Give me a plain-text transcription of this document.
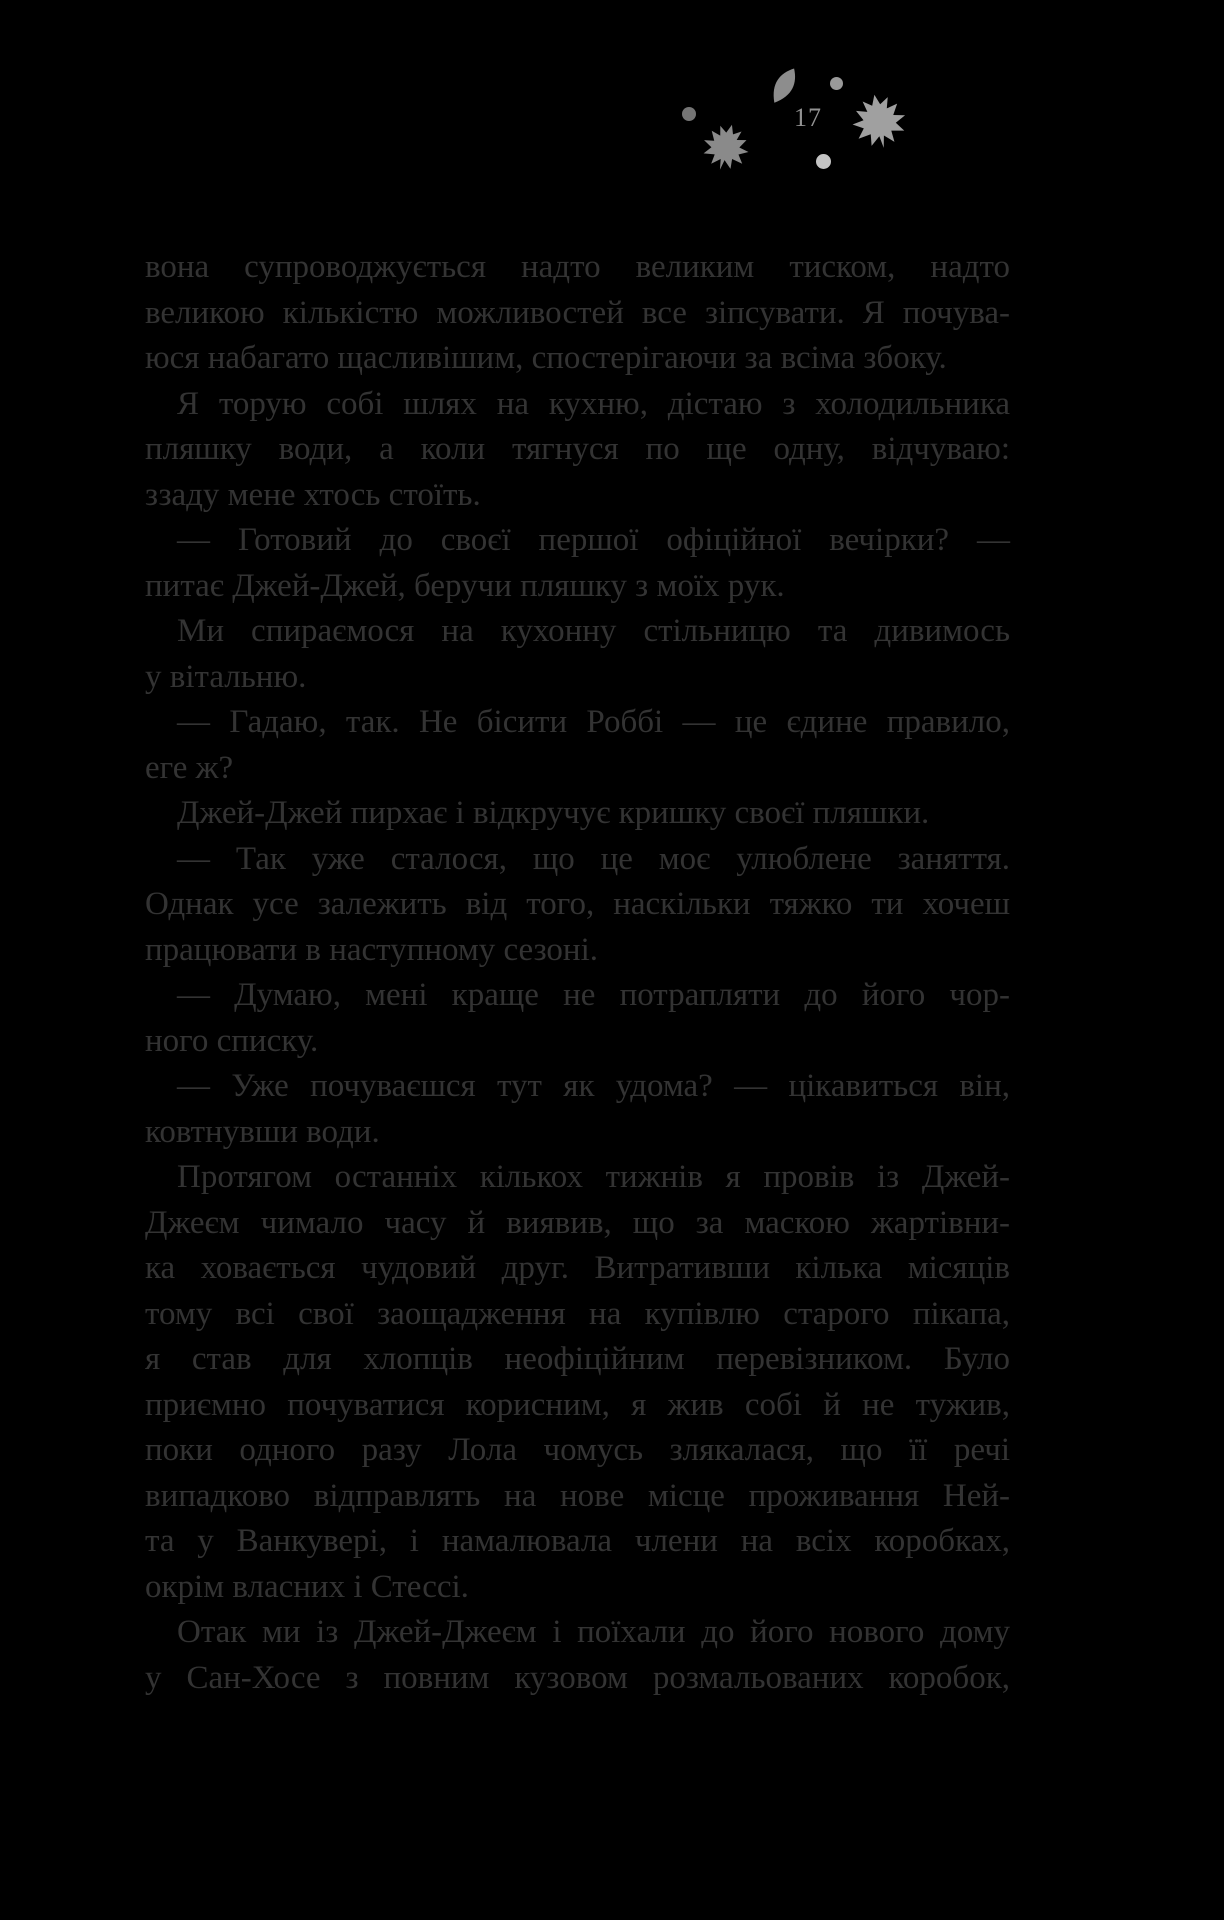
17
вона супроводжується надто великим тиском, надто
великою кількістю можливостей все зіпсувати. Я почува-
юся набагато щасливішим, спостерігаючи за всіма збоку.
Я торую собі шлях на кухню, дістаю з холодильника
пляшку води, а коли тягнуся по ще одну, відчуваю:
ззаду мене хтось стоїть.
— Готовий до своєї першої офіційної вечірки? —
питає Джей-Джей, беручи пляшку з моїх рук.
Ми спираємося на кухонну стільницю та дивимось
у вітальню.
— Гадаю, так. Не бісити Роббі — це єдине правило,
еге ж?
Джей-Джей пирхає і відкручує кришку своєї пляшки.
— Так уже сталося, що це моє улюблене заняття.
Однак усе залежить від того, наскільки тяжко ти хочеш
працювати в наступному сезоні.
— Думаю, мені краще не потрапляти до його чор-
ного списку.
— Уже почуваєшся тут як удома? — цікавиться він,
ковтнувши води.
Протягом останніх кількох тижнів я провів із Джей-
Джеєм чимало часу й виявив, що за маскою жартівни-
ка ховається чудовий друг. Витративши кілька місяців
тому всі свої заощадження на купівлю старого пікапа,
я став для хлопців неофіційним перевізником. Було
приємно почуватися корисним, я жив собі й не тужив,
поки одного разу Лола чомусь злякалася, що її речі
випадково відправлять на нове місце проживання Ней-
та у Ванкувері, і намалювала члени на всіх коробках,
окрім власних і Стессі.
Отак ми із Джей-Джеєм і поїхали до його нового дому
у Сан-Хосе з повним кузовом розмальованих коробок,
